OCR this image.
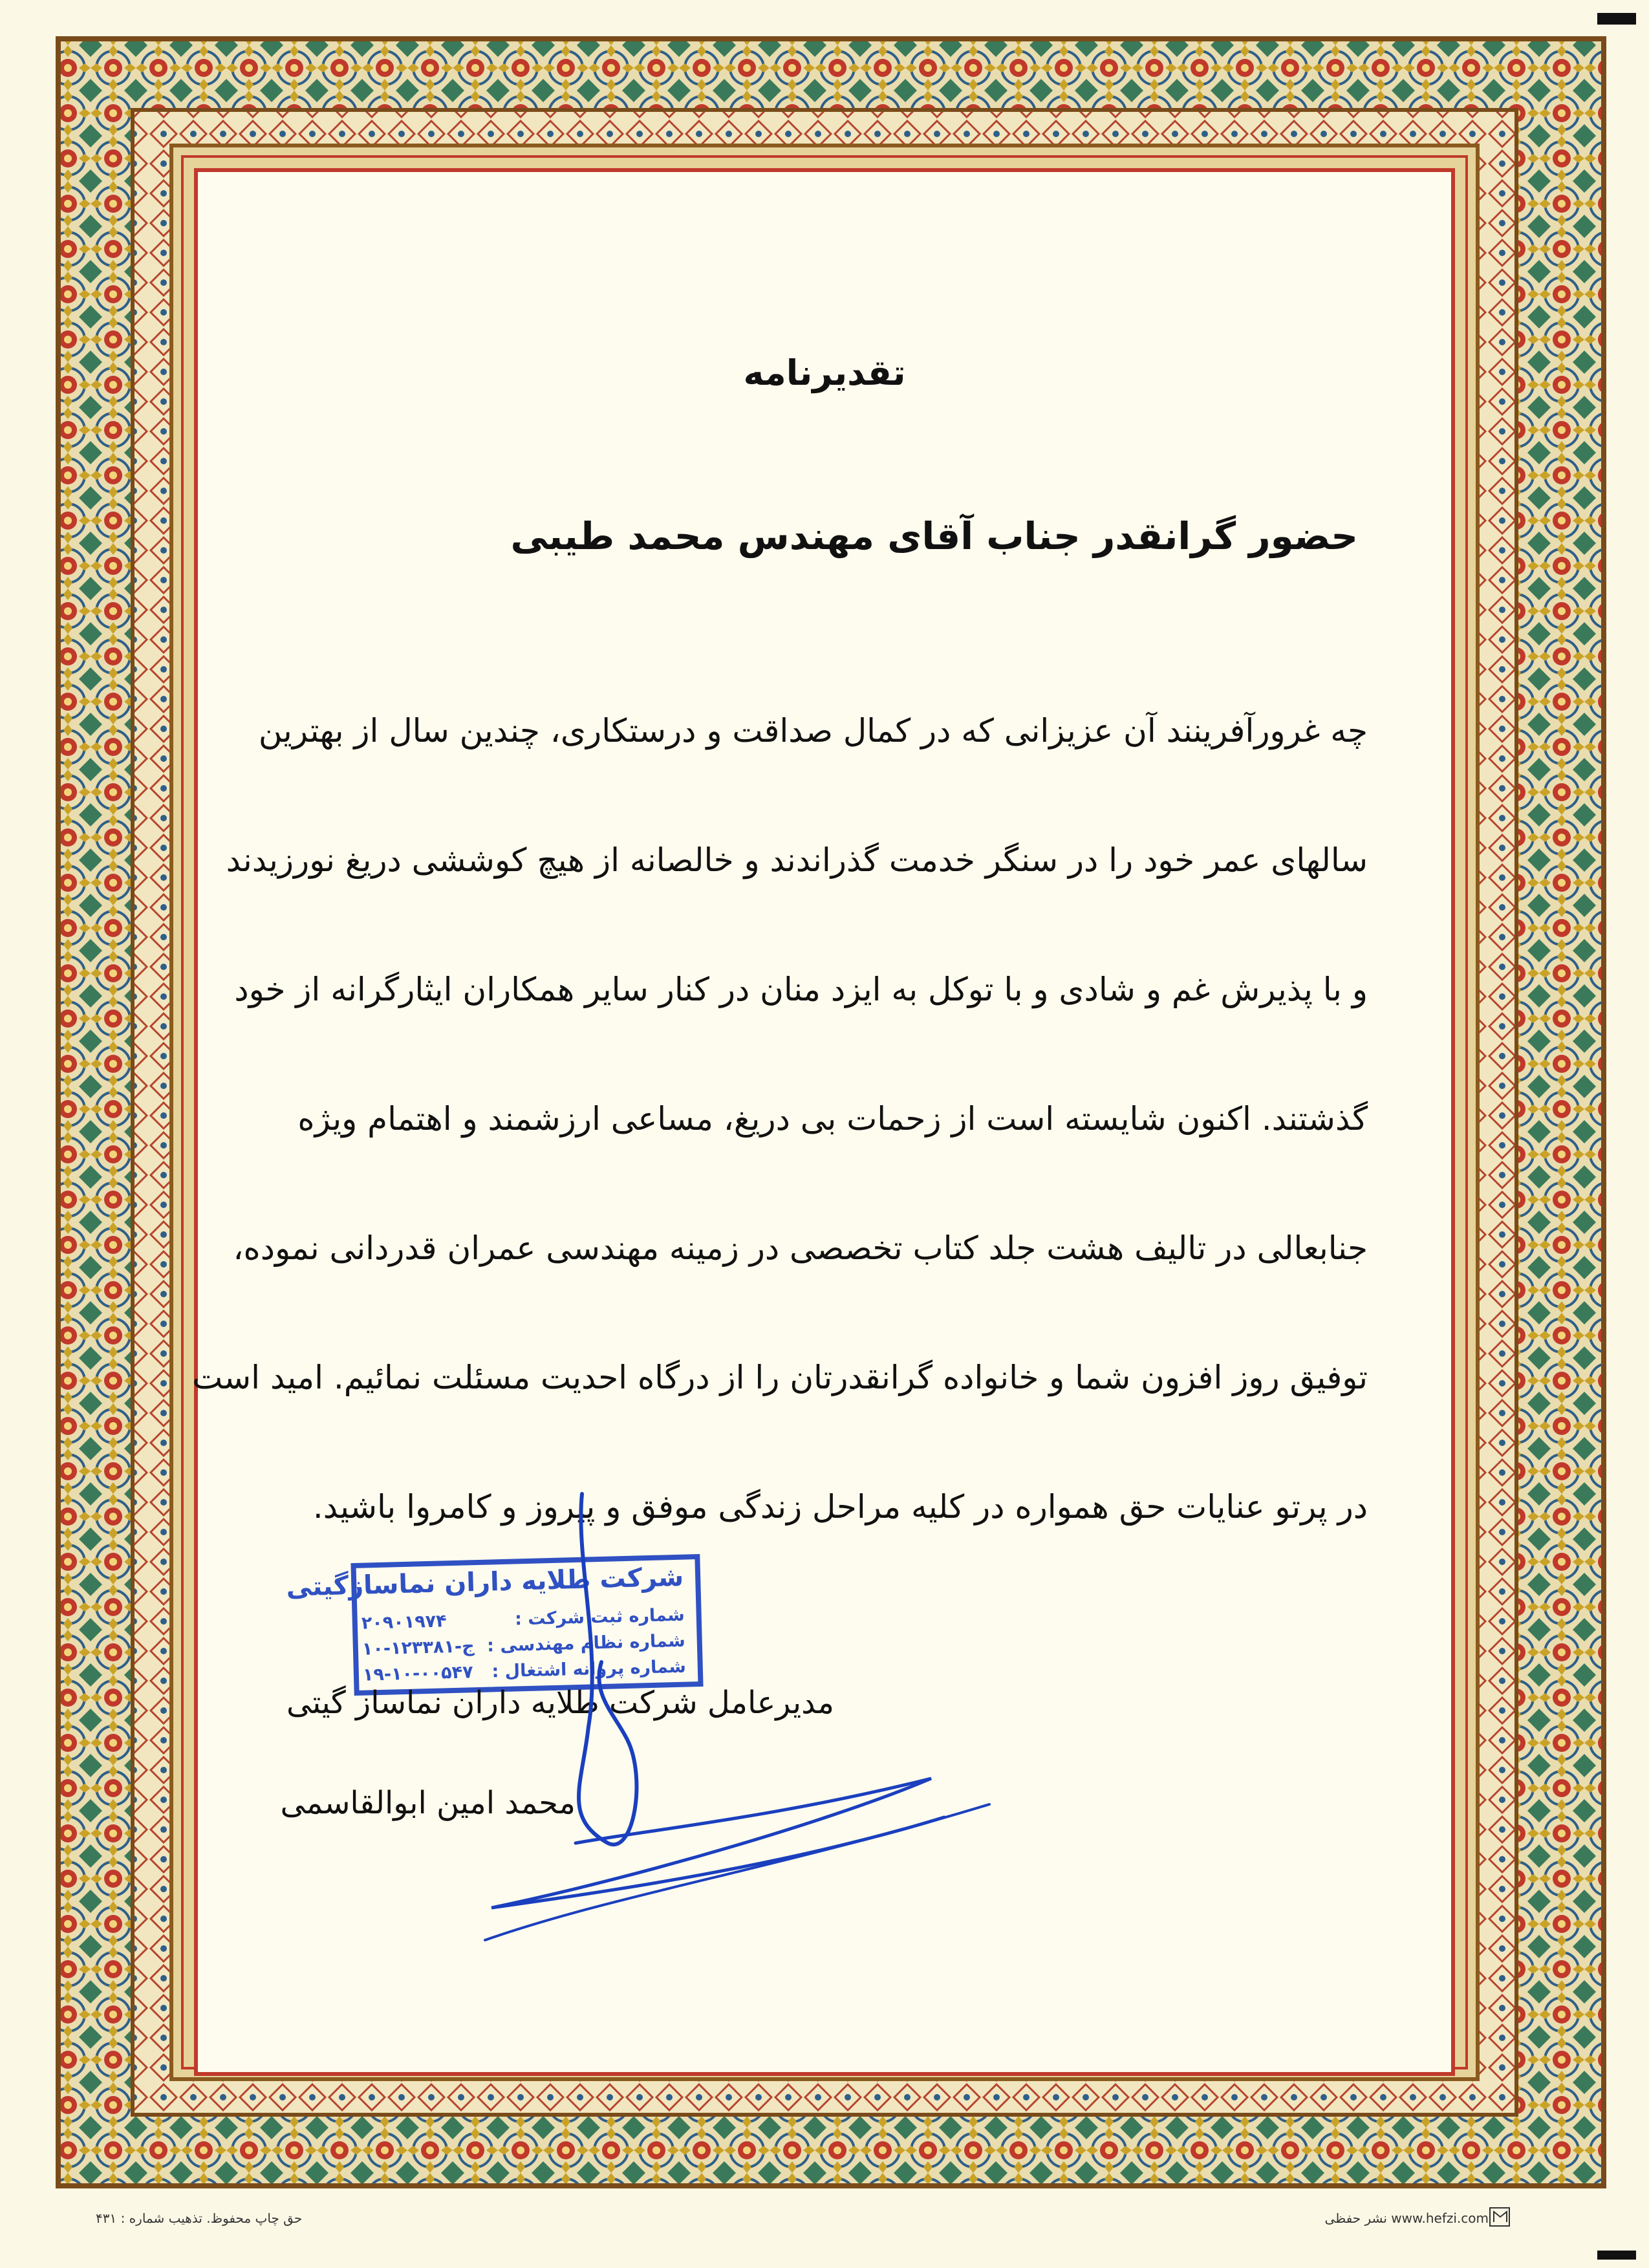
تقدیرنامه
حضور گرانقدر جناب آقای مهندس محمد طیبی
چه غرورآفرینند آن عزیزانی که در کمال صداقت و درستکاری، چندین سال از بهترین
سالهای عمر خود را در سنگر خدمت گذراندند و خالصانه از هیچ کوششی دریغ نورزیدند
و با پذیرش غم و شادی و با توکل به ایزد منان در کنار سایر همکاران ایثارگرانه از خود
گذشتند. اکنون شایسته است از زحمات بی دریغ، مساعی ارزشمند و اهتمام ویژه
جنابعالی در تالیف هشت جلد کتاب تخصصی در زمینه مهندسی عمران قدردانی نموده،
توفیق روز افزون شما و خانواده گرانقدرتان را از درگاه احدیت مسئلت نمائیم. امید است
در پرتو عنایات حق همواره در کلیه مراحل زندگی موفق و پیروز و کامروا باشید.
شرکت طلایه داران نماسازگیتی
شماره ثبت شرکت :
۲۰۹۰۱۹۷۴
شماره نظام مهندسی :
۱۰-ج-۱۲۳۳۸۱
شماره پروانه اشتغال :
۱۹-۱۰-۰۰۵۴۷
مدیرعامل شرکت طلایه داران نماساز گیتی
محمد امین ابوالقاسمی
حق چاپ محفوظ. تذهیب شماره : ۴۳۱	www.hefzi.com نشر حفظی
